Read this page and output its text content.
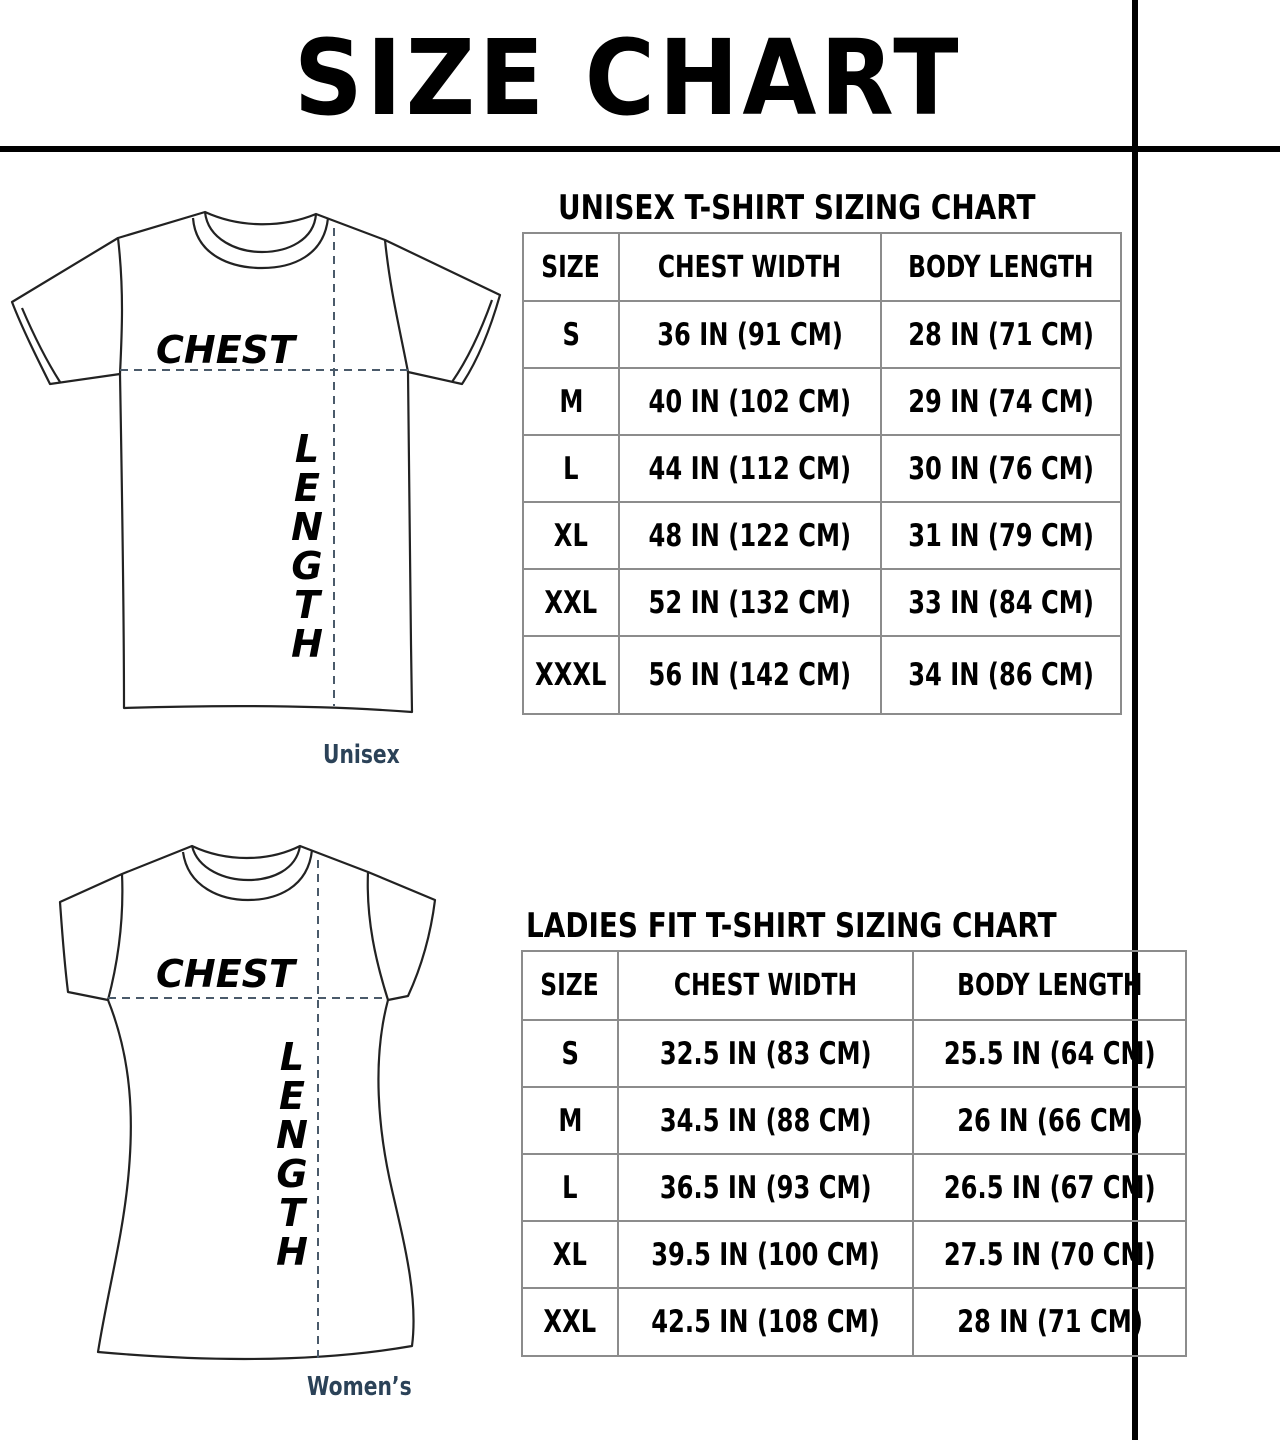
SIZE CHART
CHEST
LENGTH
Unisex
UNISEX T-SHIRT SIZING CHART
SIZE	CHEST WIDTH	BODY LENGTH
S	36 IN (91 CM)	28 IN (71 CM)
M	40 IN (102 CM)	29 IN (74 CM)
L	44 IN (112 CM)	30 IN (76 CM)
XL	48 IN (122 CM)	31 IN (79 CM)
XXL	52 IN (132 CM)	33 IN (84 CM)
XXXL	56 IN (142 CM)	34 IN (86 CM)
CHEST
LENGTH
Women’s
LADIES FIT T-SHIRT SIZING CHART
SIZE	CHEST WIDTH	BODY LENGTH
S	32.5 IN (83 CM)	25.5 IN (64 CM)
M	34.5 IN (88 CM)	26 IN (66 CM)
L	36.5 IN (93 CM)	26.5 IN (67 CM)
XL	39.5 IN (100 CM)	27.5 IN (70 CM)
XXL	42.5 IN (108 CM)	28 IN (71 CM)
